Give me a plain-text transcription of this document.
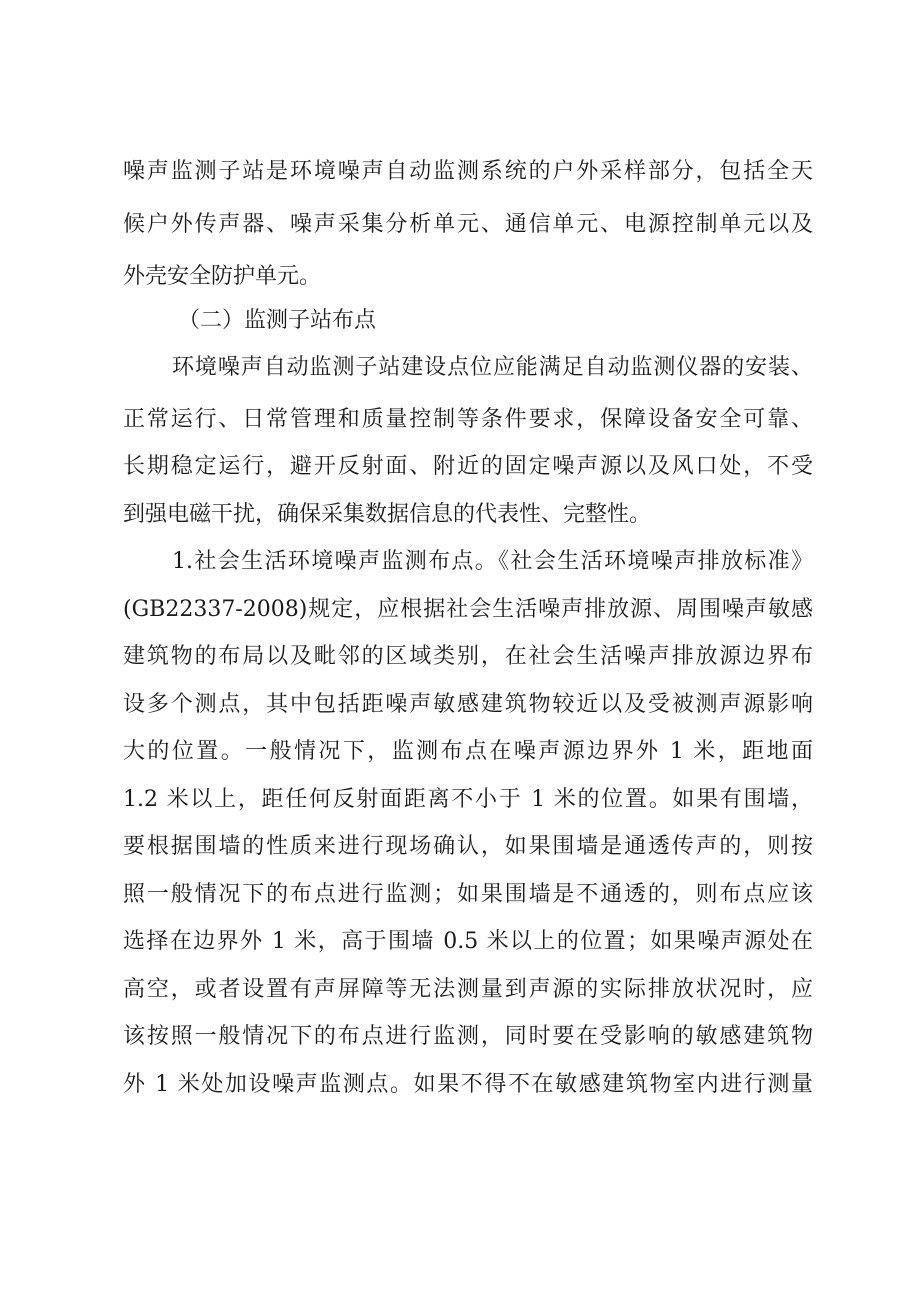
噪声监测子站是环境噪声自动监测系统的户外采样部分，包括全天
候户外传声器、噪声采集分析单元、通信单元、电源控制单元以及
外壳安全防护单元。
（二）监测子站布点
环境噪声自动监测子站建设点位应能满足自动监测仪器的安装、
正常运行、日常管理和质量控制等条件要求，保障设备安全可靠、
长期稳定运行，避开反射面、附近的固定噪声源以及风口处，不受
到强电磁干扰，确保采集数据信息的代表性、完整性。
1.社会生活环境噪声监测布点。《社会生活环境噪声排放标准》
(GB22337-2008)规定，应根据社会生活噪声排放源、周围噪声敏感
建筑物的布局以及毗邻的区域类别，在社会生活噪声排放源边界布
设多个测点，其中包括距噪声敏感建筑物较近以及受被测声源影响
大的位置。一般情况下，监测布点在噪声源边界外 1 米，距地面
1.2 米以上，距任何反射面距离不小于 1 米的位置。如果有围墙，
要根据围墙的性质来进行现场确认，如果围墙是通透传声的，则按
照一般情况下的布点进行监测；如果围墙是不通透的，则布点应该
选择在边界外 1 米，高于围墙 0.5 米以上的位置；如果噪声源处在
高空，或者设置有声屏障等无法测量到声源的实际排放状况时，应
该按照一般情况下的布点进行监测，同时要在受影响的敏感建筑物
外 1 米处加设噪声监测点。如果不得不在敏感建筑物室内进行测量
